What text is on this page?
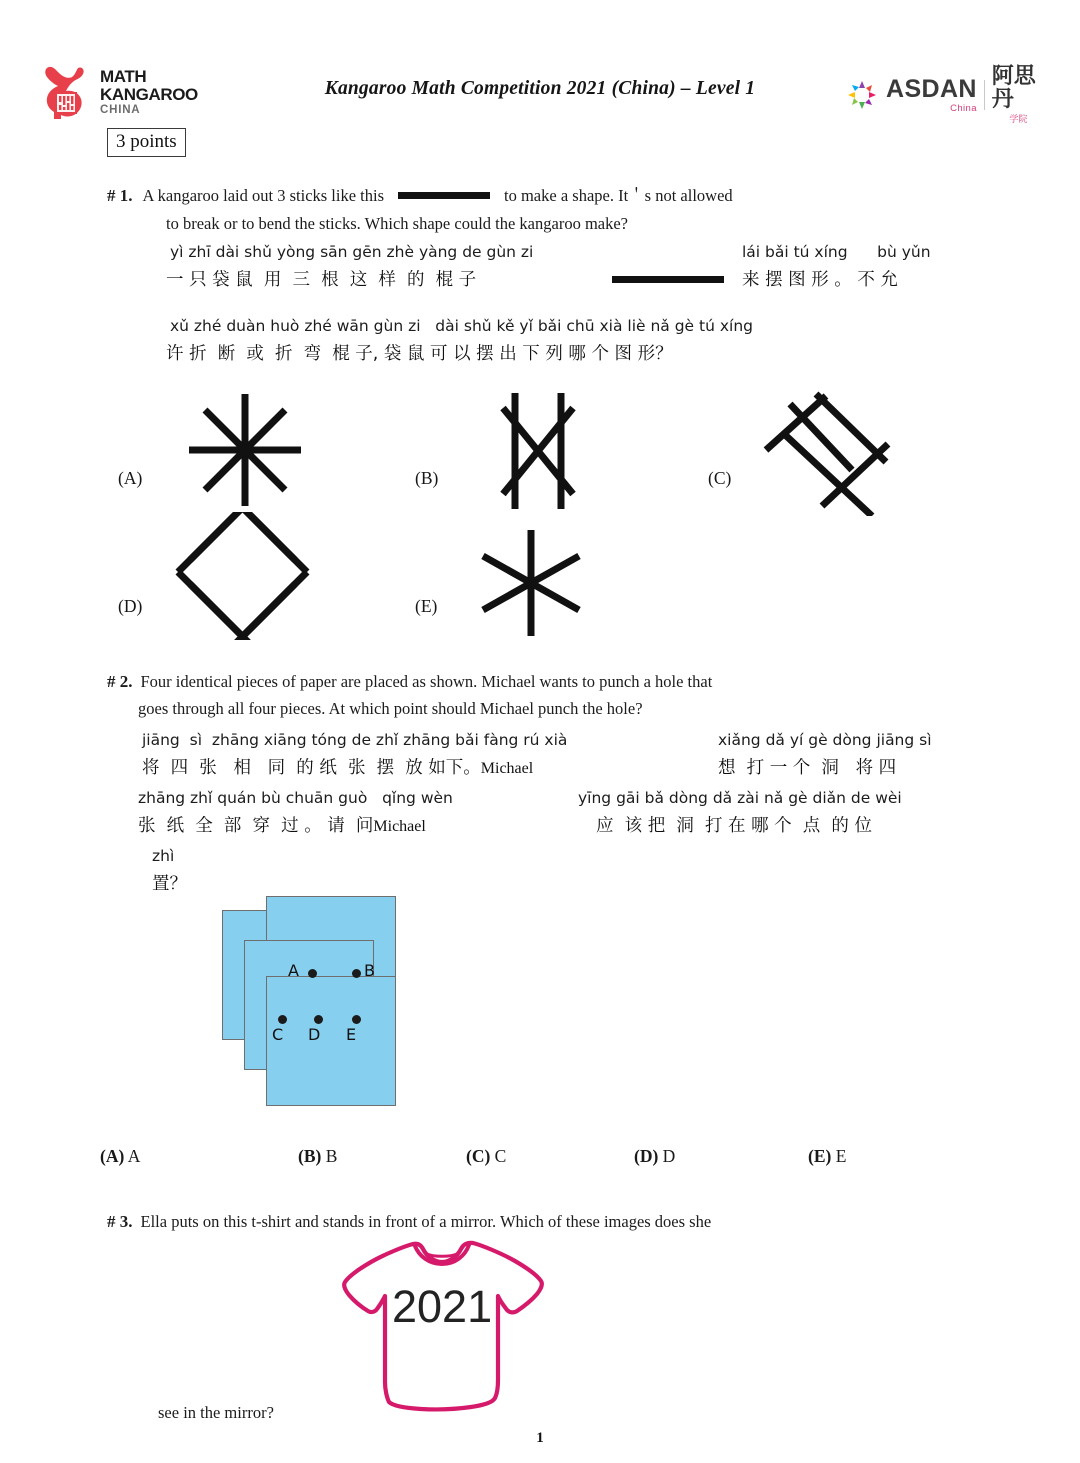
MATH
KANGAROO
CHINA
Kangaroo Math Competition 2021 (China) – Level 1	ASDAN
China
阿思丹
学院
3 points
# 1. A kangaroo laid out 3 sticks like this	to make a shape. It＇s not allowed
to break or to bend the sticks. Which shape could the kangaroo make?
yì zhī dài shǔ yòng sān gēn zhè yàng de gùn zi
一 只 袋 鼠  用  三  根  这  样  的  棍 子
lái bǎi tú xíng      bù yǔn
来 摆 图 形 。 不 允
xǔ zhé duàn huò zhé wān gùn zi   dài shǔ kě yǐ bǎi chū xià liè nǎ gè tú xíng
许 折  断  或  折  弯  棍 子, 袋 鼠 可 以 摆 出 下 列 哪 个 图 形？
(A)	(B)	(C)
(D)	(E)
# 2. Four identical pieces of paper are placed as shown. Michael wants to punch a hole that
goes through all four pieces. At which point should Michael punch the hole?
jiāng  sì  zhāng xiāng tóng de zhǐ zhāng bǎi fàng rú xià
将  四  张   相   同  的 纸  张  摆  放 如下。Michael
xiǎng dǎ yí gè dòng jiāng sì
想  打 一 个  洞   将 四
zhāng zhǐ quán bù chuān guò   qǐng wèn
张  纸  全  部  穿  过 。 请  问Michael
yīng gāi bǎ dòng dǎ zài nǎ gè diǎn de wèi
应  该 把  洞  打 在 哪 个  点  的 位
zhì
置？
A	B
C D E
(A) A	(B) B	(C) C	(D) D	(E) E
# 3. Ella puts on this t-shirt and stands in front of a mirror. Which of these images does she
2021
see in the mirror?
1
